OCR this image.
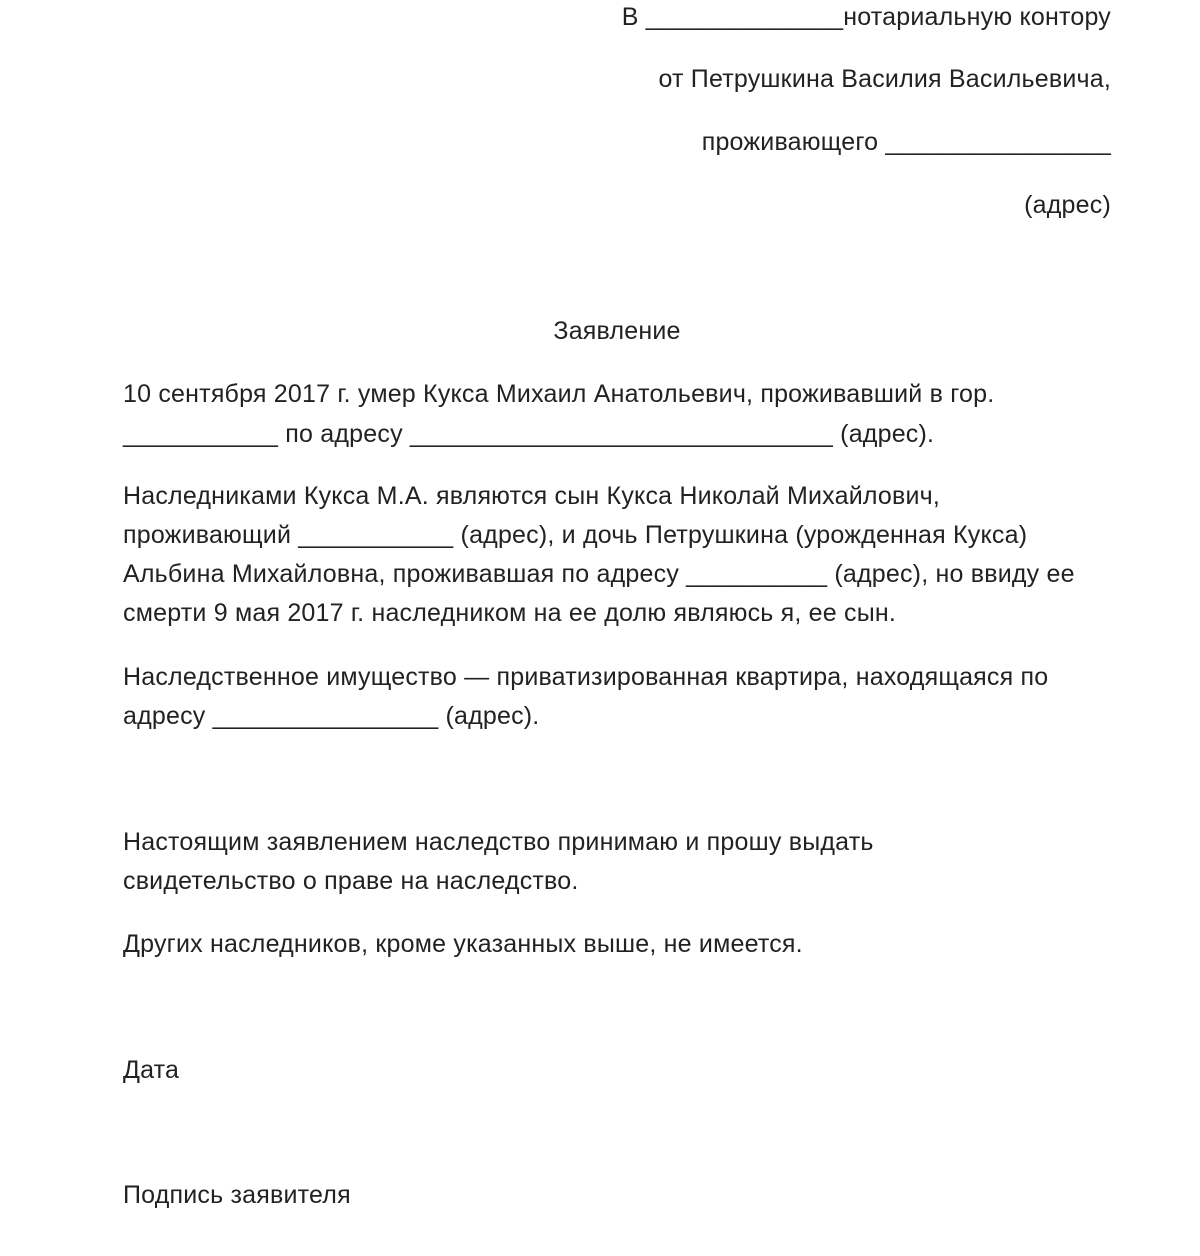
В ______________нотариальную контору
от Петрушкина Василия Васильевича,
проживающего ________________
(адрес)
Заявление
10 сентября 2017 г. умер Кукса Михаил Анатольевич, проживавший в гор.
___________ по адресу ______________________________ (адрес).
Наследниками Кукса М.А. являются сын Кукса Николай Михайлович,
проживающий ___________ (адрес), и дочь Петрушкина (урожденная Кукса)
Альбина Михайловна, проживавшая по адресу __________ (адрес), но ввиду ее
смерти 9 мая 2017 г. наследником на ее долю являюсь я, ее сын.
Наследственное имущество — приватизированная квартира, находящаяся по
адресу ________________ (адрес).
Настоящим заявлением наследство принимаю и прошу выдать
свидетельство о праве на наследство.
Других наследников, кроме указанных выше, не имеется.
Дата
Подпись заявителя
